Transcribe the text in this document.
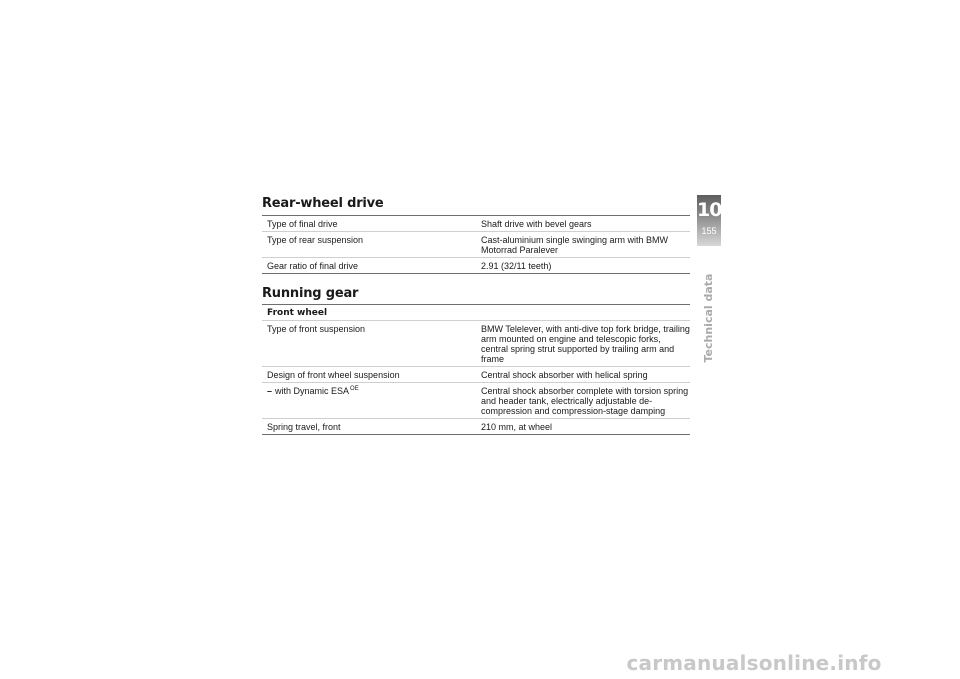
Rear-wheel drive
Type of final drive	Shaft drive with bevel gears
Type of rear suspension	Cast-aluminium single swinging arm with BMW Motorrad Paralever
Gear ratio of final drive	2.91 (32/11 teeth)
Running gear
Front wheel
Type of front suspension	BMW Telelever, with anti-dive top fork bridge, trailing arm mounted on engine and telescopic forks, central spring strut supported by trailing arm and frame
Design of front wheel suspension	Central shock absorber with helical spring
– with Dynamic $ESA^{OE}$	Central shock absorber complete with torsion spring and header tank, electrically adjustable de-compression and compression-stage damping
Spring travel, front	210 mm, at wheel
10
155
Technical data
carmanualsonline.info
